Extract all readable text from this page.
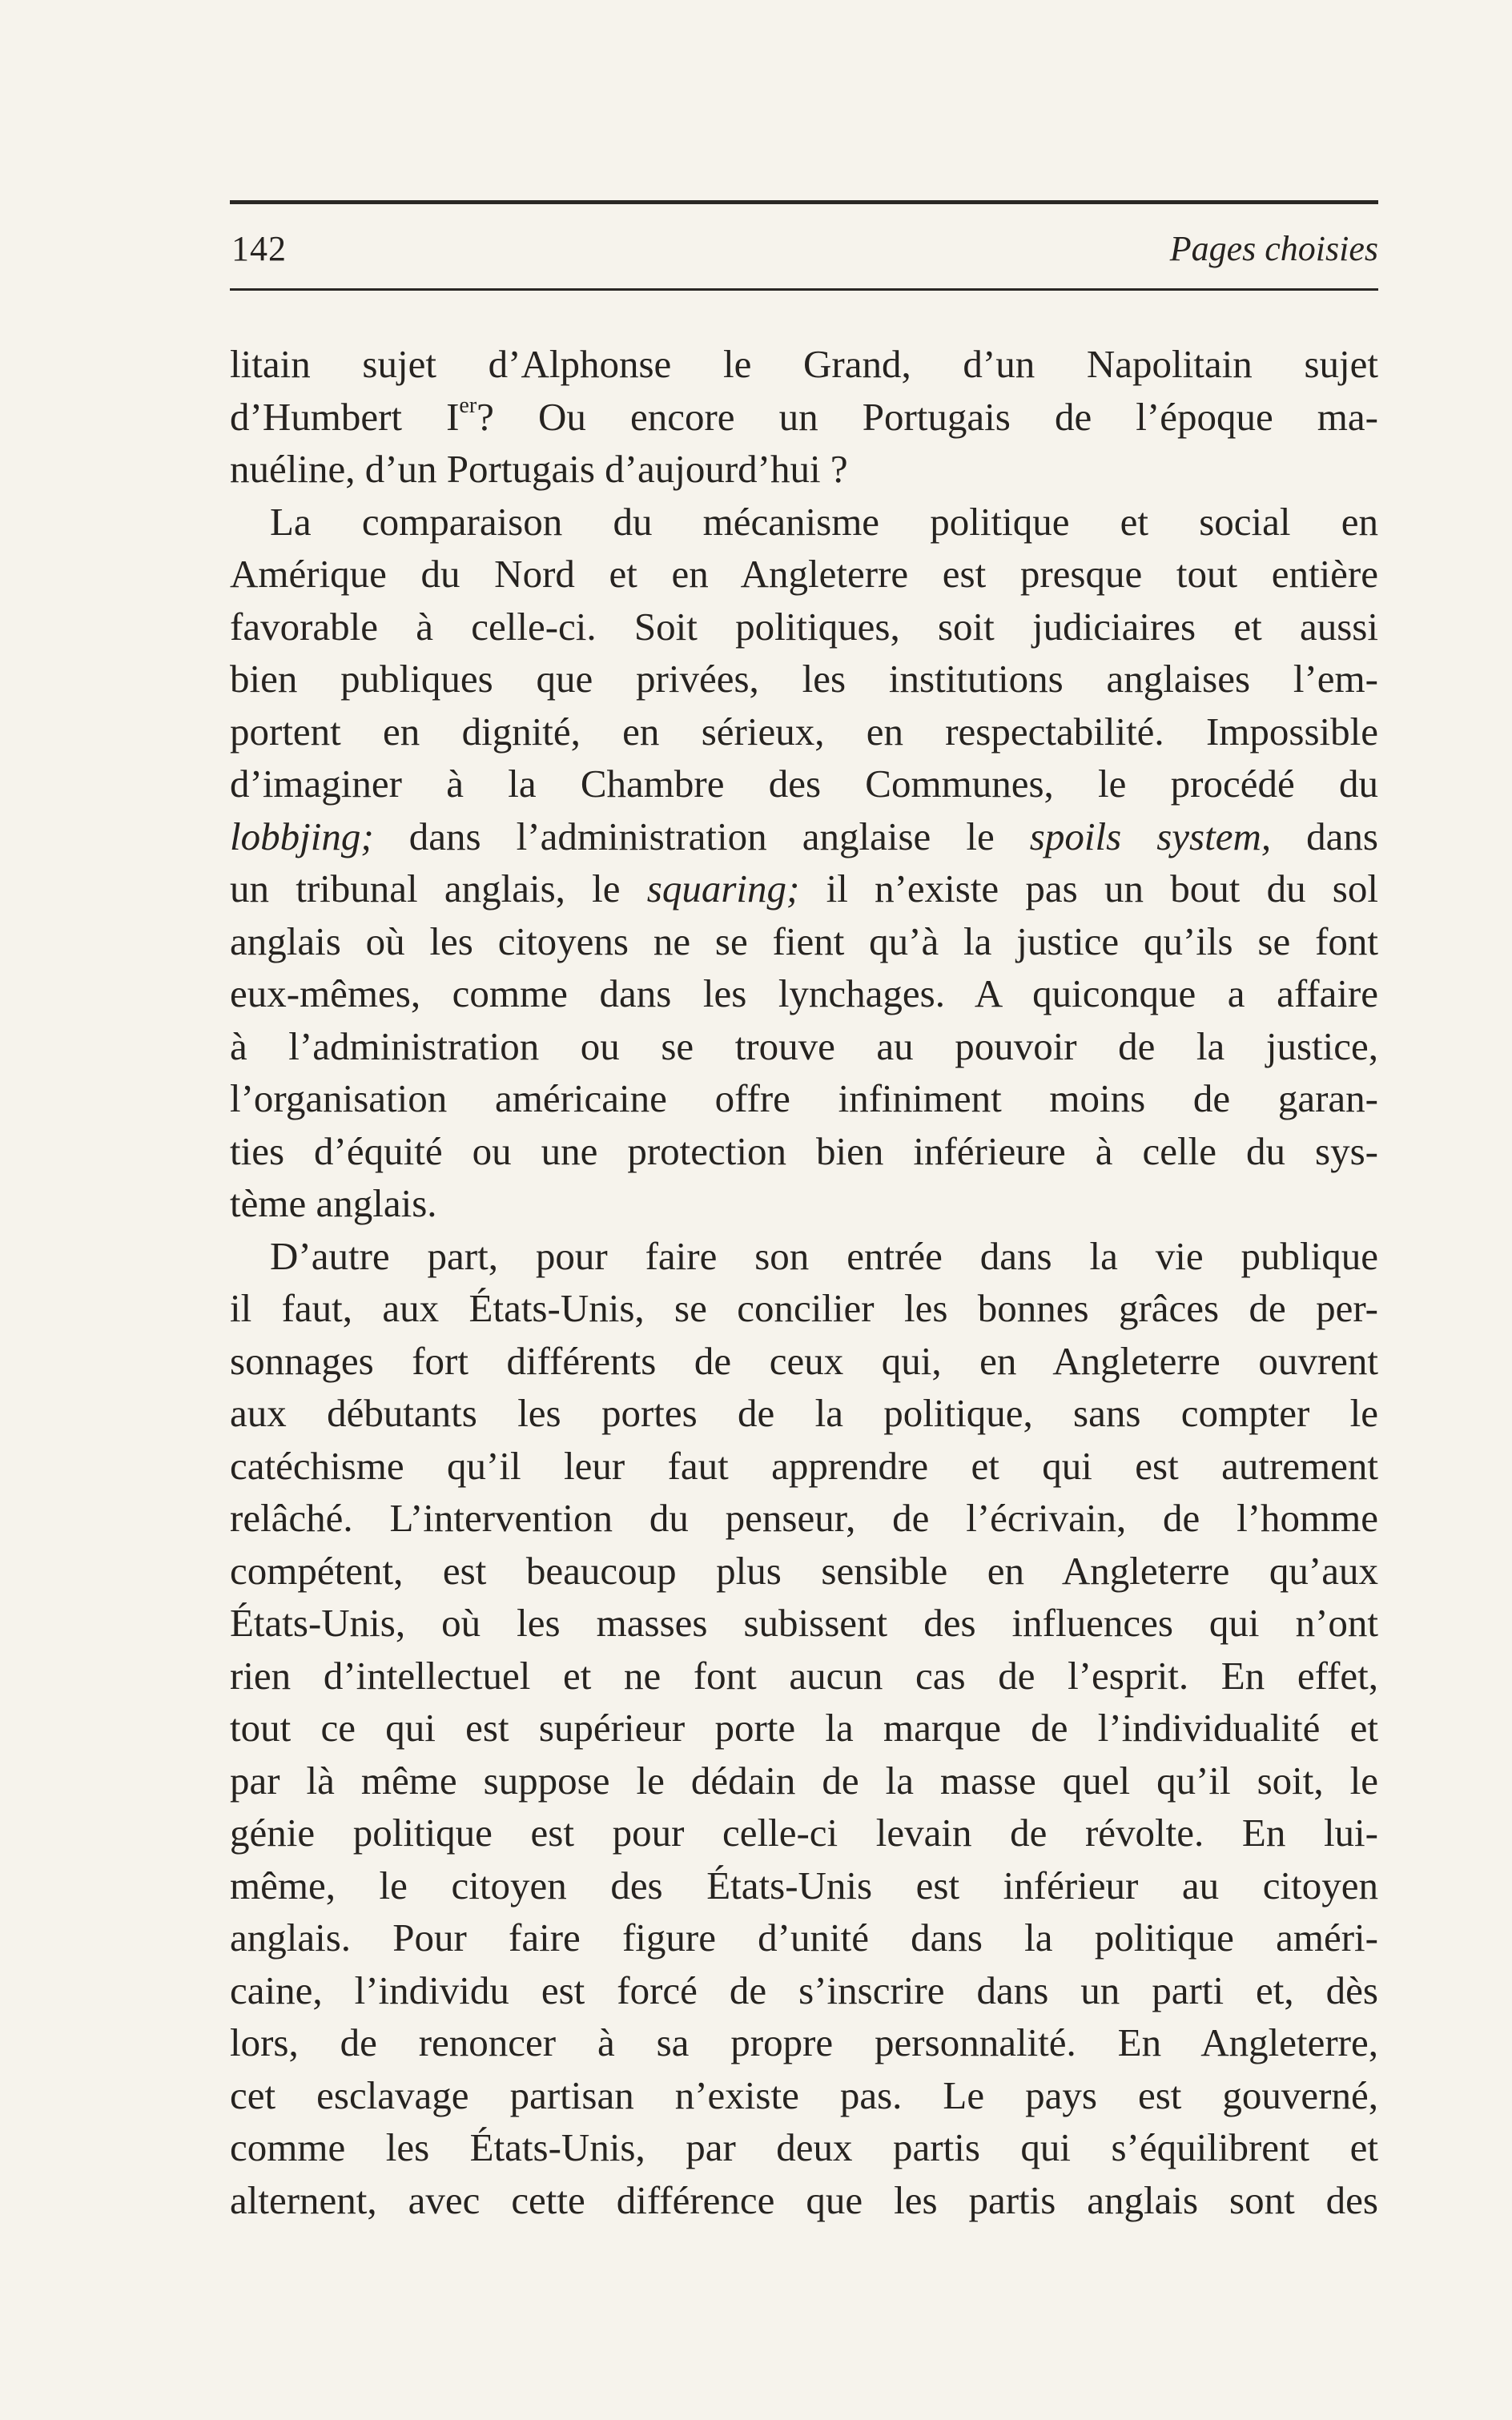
142	Pages choisies
litain sujet d’Alphonse le Grand, d’un Napolitain sujet
d’Humbert Ier? Ou encore un Portugais de l’époque ma-
nuéline, d’un Portugais d’aujourd’hui ?
La comparaison du mécanisme politique et social en
Amérique du Nord et en Angleterre est presque tout entière
favorable à celle-ci. Soit politiques, soit judiciaires et aussi
bien publiques que privées, les institutions anglaises l’em-
portent en dignité, en sérieux, en respectabilité. Impossible
d’imaginer à la Chambre des Communes, le procédé du
lobbjing; dans l’administration anglaise le spoils system, dans
un tribunal anglais, le squaring; il n’existe pas un bout du sol
anglais où les citoyens ne se fient qu’à la justice qu’ils se font
eux-mêmes, comme dans les lynchages. A quiconque a affaire
à l’administration ou se trouve au pouvoir de la justice,
l’organisation américaine offre infiniment moins de garan-
ties d’équité ou une protection bien inférieure à celle du sys-
tème anglais.
D’autre part, pour faire son entrée dans la vie publique
il faut, aux États-Unis, se concilier les bonnes grâces de per-
sonnages fort différents de ceux qui, en Angleterre ouvrent
aux débutants les portes de la politique, sans compter le
catéchisme qu’il leur faut apprendre et qui est autrement
relâché. L’intervention du penseur, de l’écrivain, de l’homme
compétent, est beaucoup plus sensible en Angleterre qu’aux
États-Unis, où les masses subissent des influences qui n’ont
rien d’intellectuel et ne font aucun cas de l’esprit. En effet,
tout ce qui est supérieur porte la marque de l’individualité et
par là même suppose le dédain de la masse quel qu’il soit, le
génie politique est pour celle-ci levain de révolte. En lui-
même, le citoyen des États-Unis est inférieur au citoyen
anglais. Pour faire figure d’unité dans la politique améri-
caine, l’individu est forcé de s’inscrire dans un parti et, dès
lors, de renoncer à sa propre personnalité. En Angleterre,
cet esclavage partisan n’existe pas. Le pays est gouverné,
comme les États-Unis, par deux partis qui s’équilibrent et
alternent, avec cette différence que les partis anglais sont des
